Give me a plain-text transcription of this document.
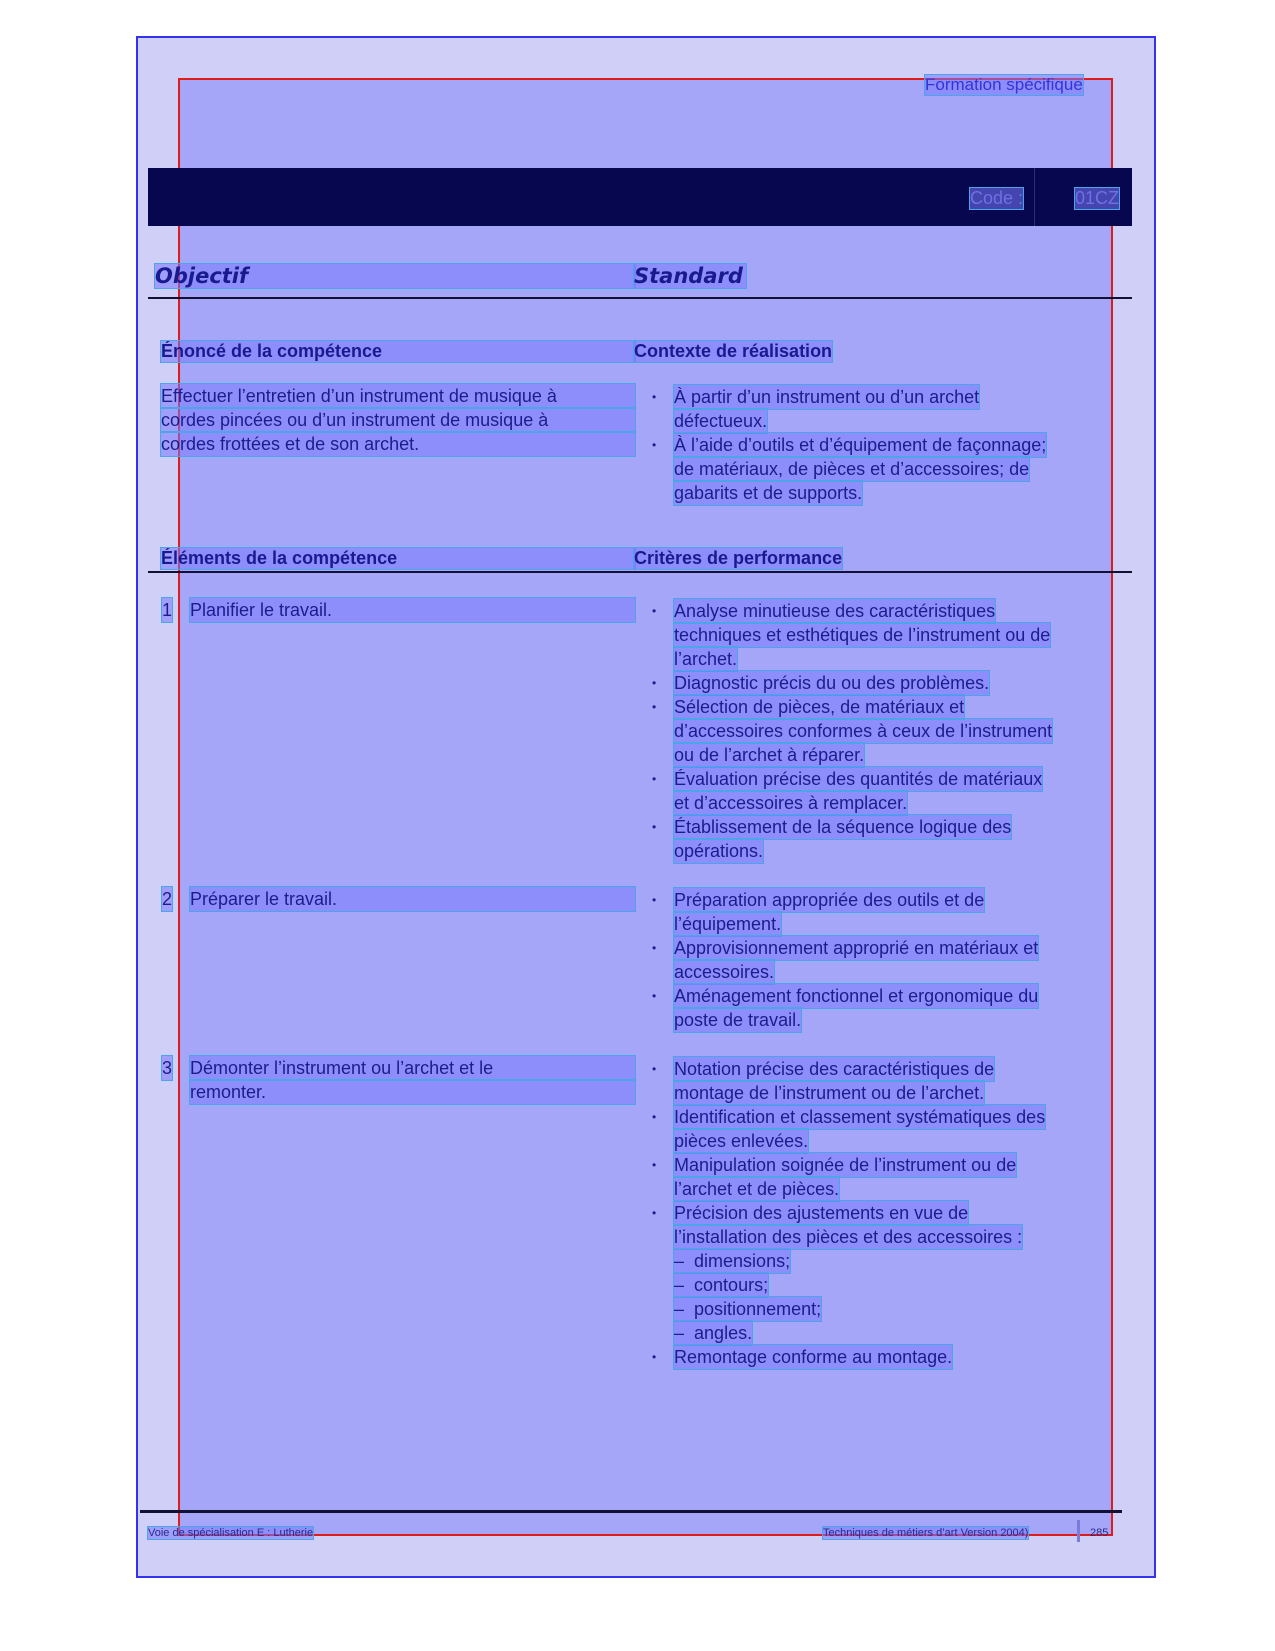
Formation spécifique
Code :	01CZ
Objectif	Standard
Énoncé de la compétence	Contexte de réalisation
Effectuer l’entretien d’un instrument de musique à
cordes pincées ou d’un instrument de musique à
cordes frottées et de son archet.
• À partir d’un instrument ou d’un archet
défectueux.
• À l’aide d’outils et d’équipement de façonnage;
de matériaux, de pièces et d’accessoires; de
gabarits et de supports.
Éléments de la compétence	Critères de performance
1 Planifier le travail.	• Analyse minutieuse des caractéristiques
techniques et esthétiques de l’instrument ou de
l’archet.
• Diagnostic précis du ou des problèmes.
• Sélection de pièces, de matériaux et
d’accessoires conformes à ceux de l’instrument
ou de l’archet à réparer.
• Évaluation précise des quantités de matériaux
et d’accessoires à remplacer.
• Établissement de la séquence logique des
opérations.
2 Préparer le travail.	• Préparation appropriée des outils et de
l’équipement.
• Approvisionnement approprié en matériaux et
accessoires.
• Aménagement fonctionnel et ergonomique du
poste de travail.
3 Démonter l’instrument ou l’archet et le
remonter.
• Notation précise des caractéristiques de
montage de l’instrument ou de l’archet.
• Identification et classement systématiques des
pièces enlevées.
• Manipulation soignée de l’instrument ou de
l’archet et de pièces.
• Précision des ajustements en vue de
l’installation des pièces et des accessoires :
– dimensions;
– contours;
– positionnement;
– angles.
• Remontage conforme au montage.
Voie de spécialisation E : Lutherie	Techniques de métiers d’art Version 2004)	285
